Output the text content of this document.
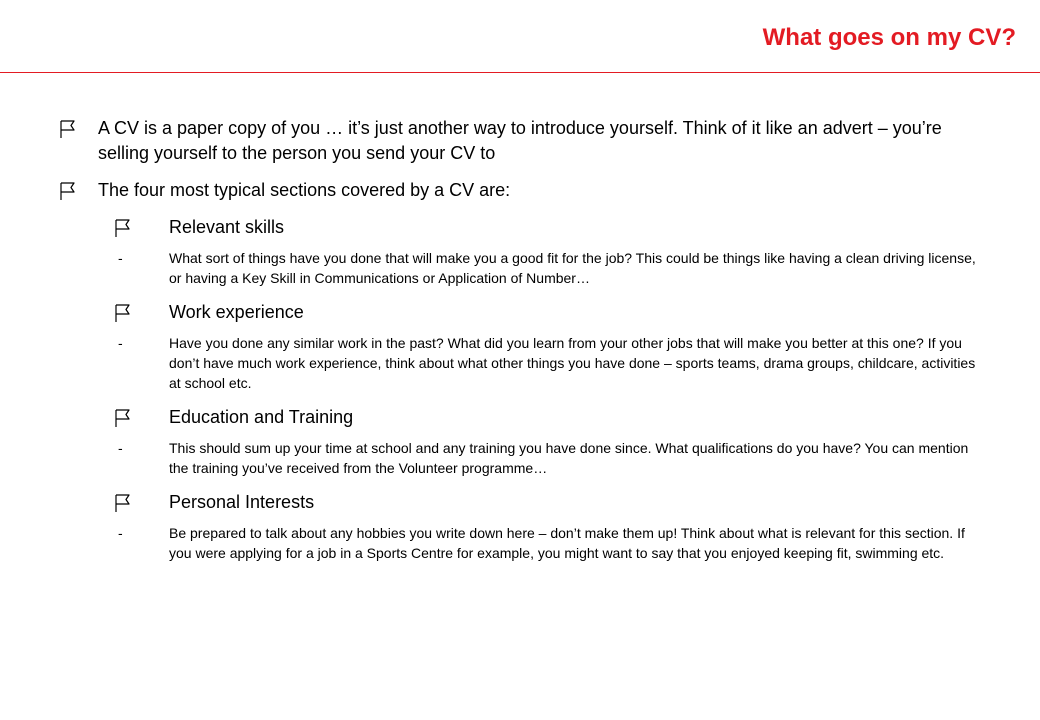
What goes on my CV?
A CV is a paper copy of you … it’s just another way to introduce yourself. Think of it like an advert – you’re selling yourself to the person you send your CV to
The four most typical sections covered by a CV are:
Relevant skills
-	What sort of things have you done that will make you a good fit for the job? This could be things like having a clean driving license, or having a Key Skill in Communications or Application of Number…
Work experience
-	Have you done any similar work in the past? What did you learn from your other jobs that will make you better at this one? If you don’t have much work experience, think about what other things you have done – sports teams, drama groups, childcare, activities at school etc.
Education and Training
-	This should sum up your time at school and any training you have done since. What qualifications do you have? You can mention the training you’ve received from the Volunteer programme…
Personal Interests
-	Be prepared to talk about any hobbies you write down here – don’t make them up! Think about what is relevant for this section. If you were applying for a job in a Sports Centre for example, you might want to say that you enjoyed keeping fit, swimming etc.
